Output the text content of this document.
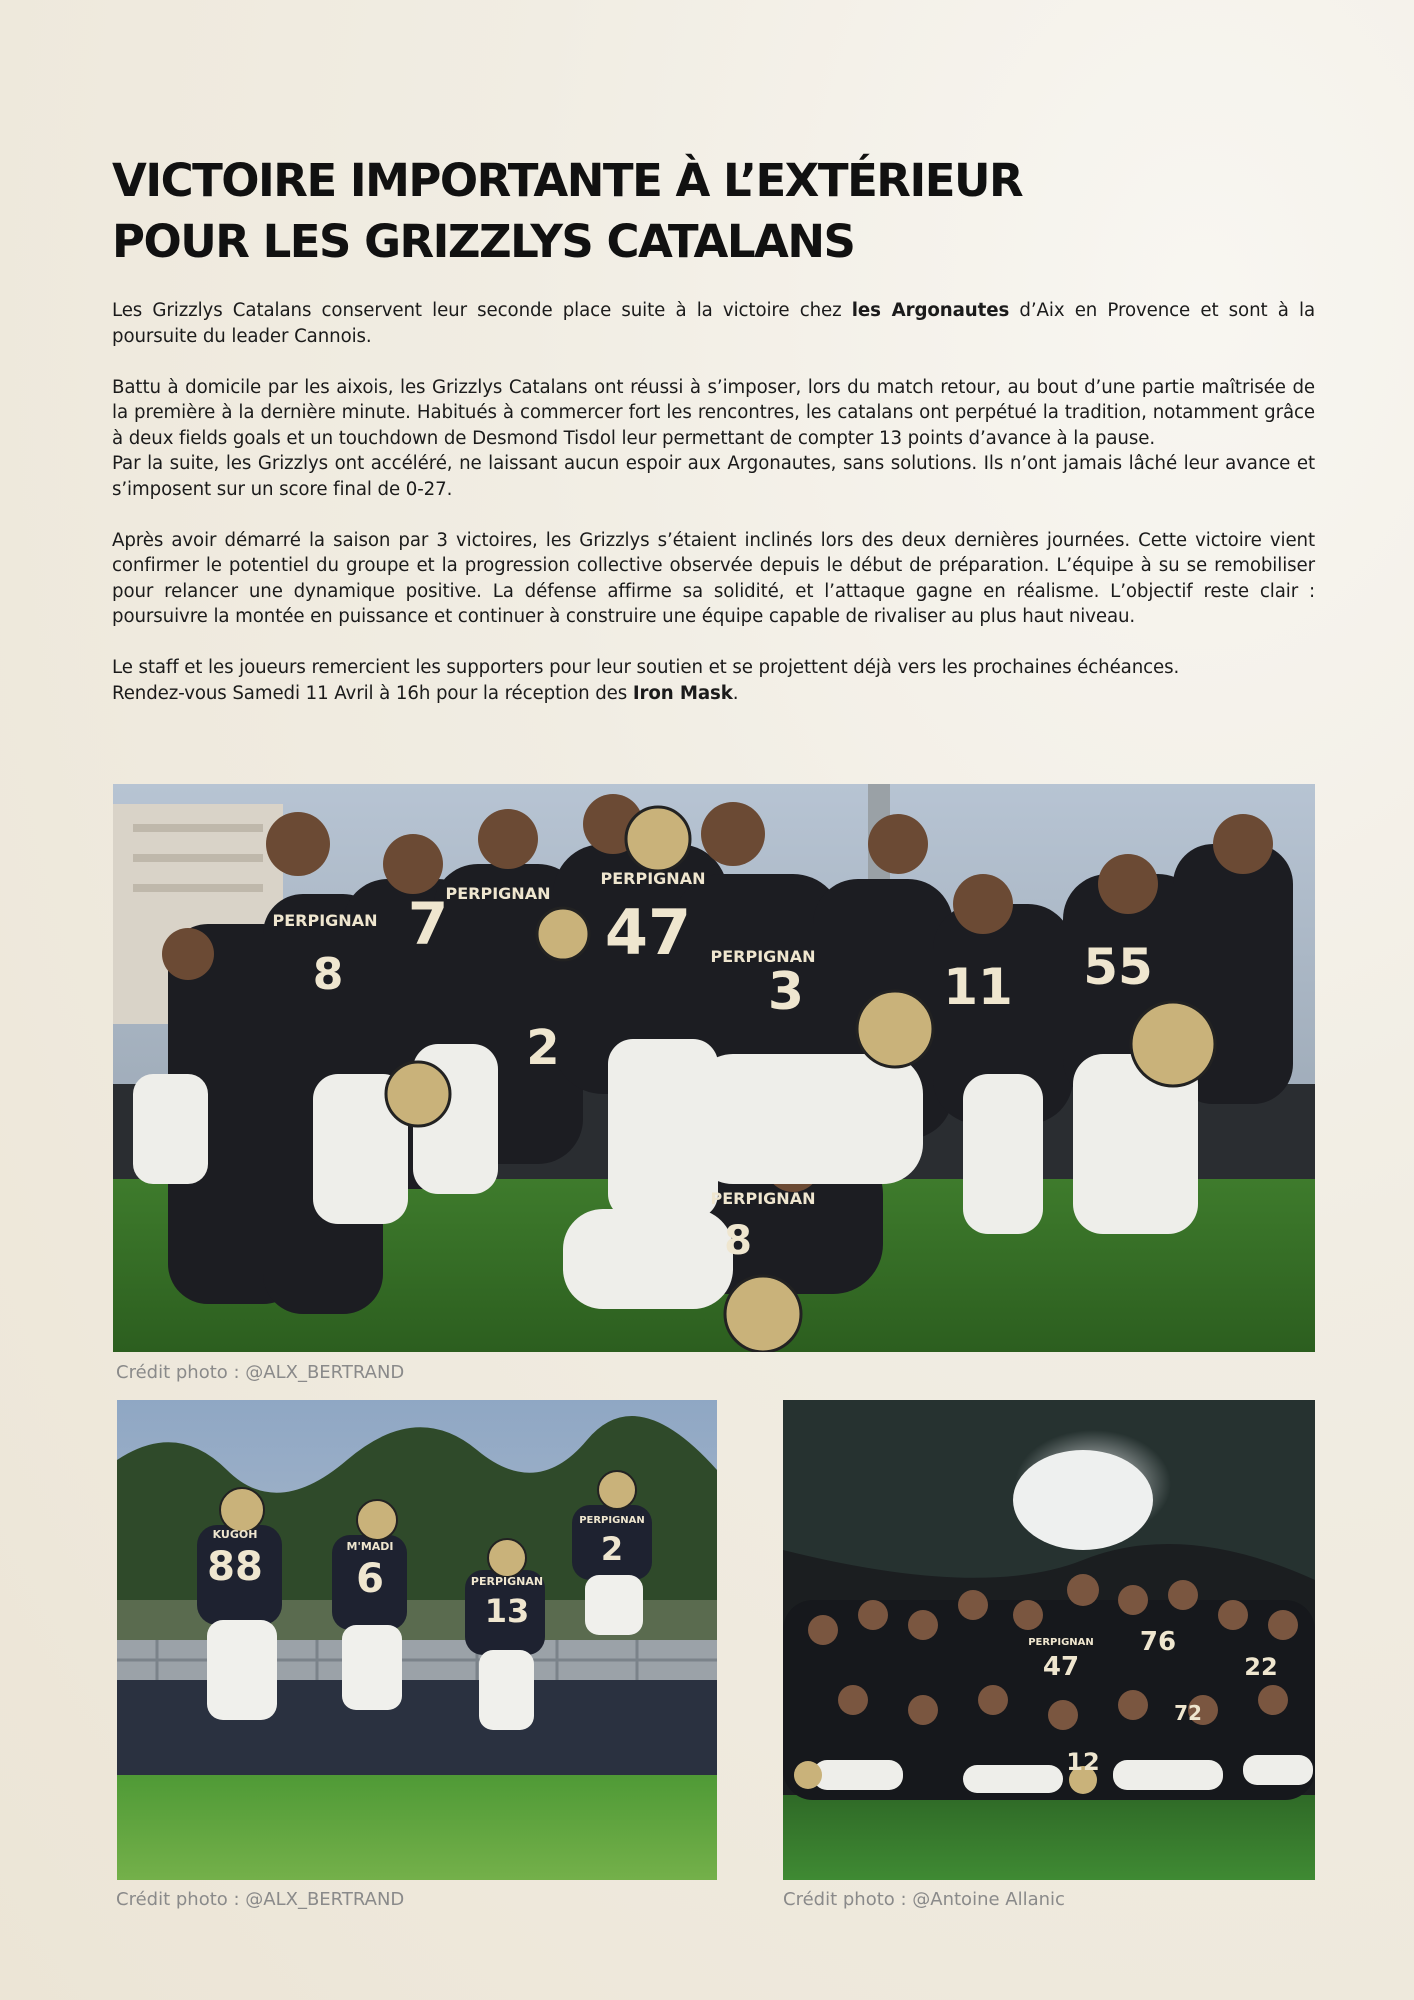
VICTOIRE IMPORTANTE À L’EXTÉRIEUR
POUR LES GRIZZLYS CATALANS

Les Grizzlys Catalans conservent leur seconde place suite à la victoire chez les Argonautes d’Aix en Provence et sont à la poursuite du leader Cannois.

Battu à domicile par les aixois, les Grizzlys Catalans ont réussi à s’imposer, lors du match retour, au bout d’une partie maîtrisée de la première à la dernière minute. Habitués à commercer fort les rencontres, les catalans ont perpétué la tradition, notamment grâce à deux fields goals et un touchdown de Desmond Tisdol leur permettant de compter 13 points d’avance à la pause.

Par la suite, les Grizzlys ont accéléré, ne laissant aucun espoir aux Argonautes, sans solutions. Ils n’ont jamais lâché leur avance et s’imposent sur un score final de 0-27.

Après avoir démarré la saison par 3 victoires, les Grizzlys s’étaient inclinés lors des deux dernières journées. Cette victoire vient confirmer le potentiel du groupe et la progression collective observée depuis le début de préparation. L’équipe à su se remobiliser pour relancer une dynamique positive. La défense affirme sa solidité, et l’attaque gagne en réalisme. L’objectif reste clair : poursuivre la montée en puissance et continuer à construire une équipe capable de rivaliser au plus haut niveau.

Le staff et les joueurs remercient les supporters pour leur soutien et se projettent déjà vers les prochaines échéances.

Rendez-vous Samedi 11 Avril à 16h pour la réception des Iron Mask.

PERPIGNAN
PERPIGNAN
PERPIGNAN
PERPIGNAN
PERPIGNAN
8
7	47
3	11 55
2
8

Crédit photo : @ALX_BERTRAND

KUGOH
M'MADI
PERPIGNAN
PERPIGNAN
88 6
13
2

Crédit photo : @ALX_BERTRAND

PERPIGNAN
47
76
22
12
72

Crédit photo : @Antoine Allanic
